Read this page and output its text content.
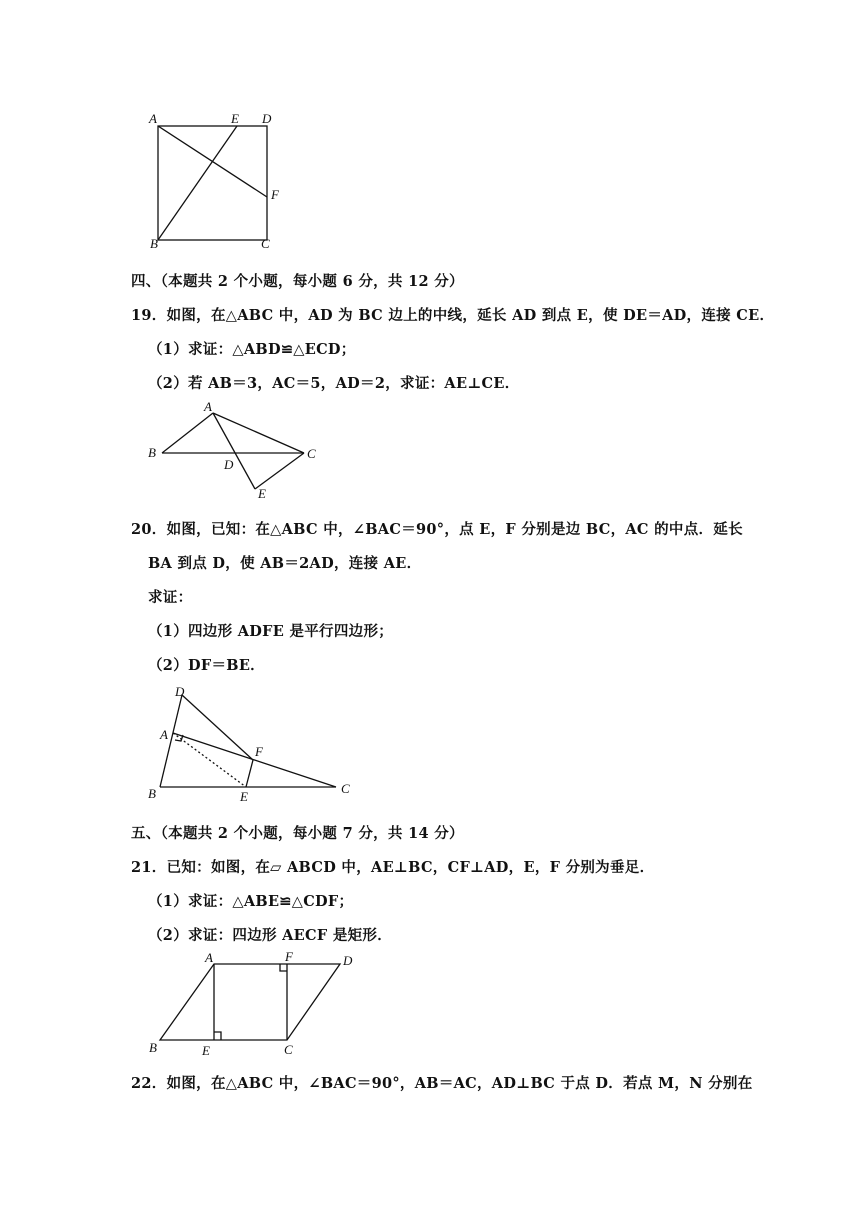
A	E D
F
B	C
四、（本题共 2 个小题，每小题 6 分，共 12 分）
19．如图，在△ABC 中，AD 为 BC 边上的中线，延长 AD 到点 E，使 DE＝AD，连接 CE．
（1）求证：△ABD≌△ECD；
（2）若 AB＝3，AC＝5，AD＝2，求证：AE⊥CE．
A
B	C
D
E
20．如图，已知：在△ABC 中，∠BAC＝90°，点 E，F 分别是边 BC，AC 的中点．延长
BA 到点 D，使 AB＝2AD，连接 AE．
求证：
（1）四边形 ADFE 是平行四边形；
（2）DF＝BE．
D
A
F
B	E
C
五、（本题共 2 个小题，每小题 7 分，共 14 分）
21．已知：如图，在▱ ABCD 中，AE⊥BC，CF⊥AD，E，F 分别为垂足．
（1）求证：△ABE≌△CDF；
（2）求证：四边形 AECF 是矩形．
A	F	D
B	E	C
22．如图，在△ABC 中，∠BAC＝90°，AB＝AC，AD⊥BC 于点 D．若点 M，N 分别在
